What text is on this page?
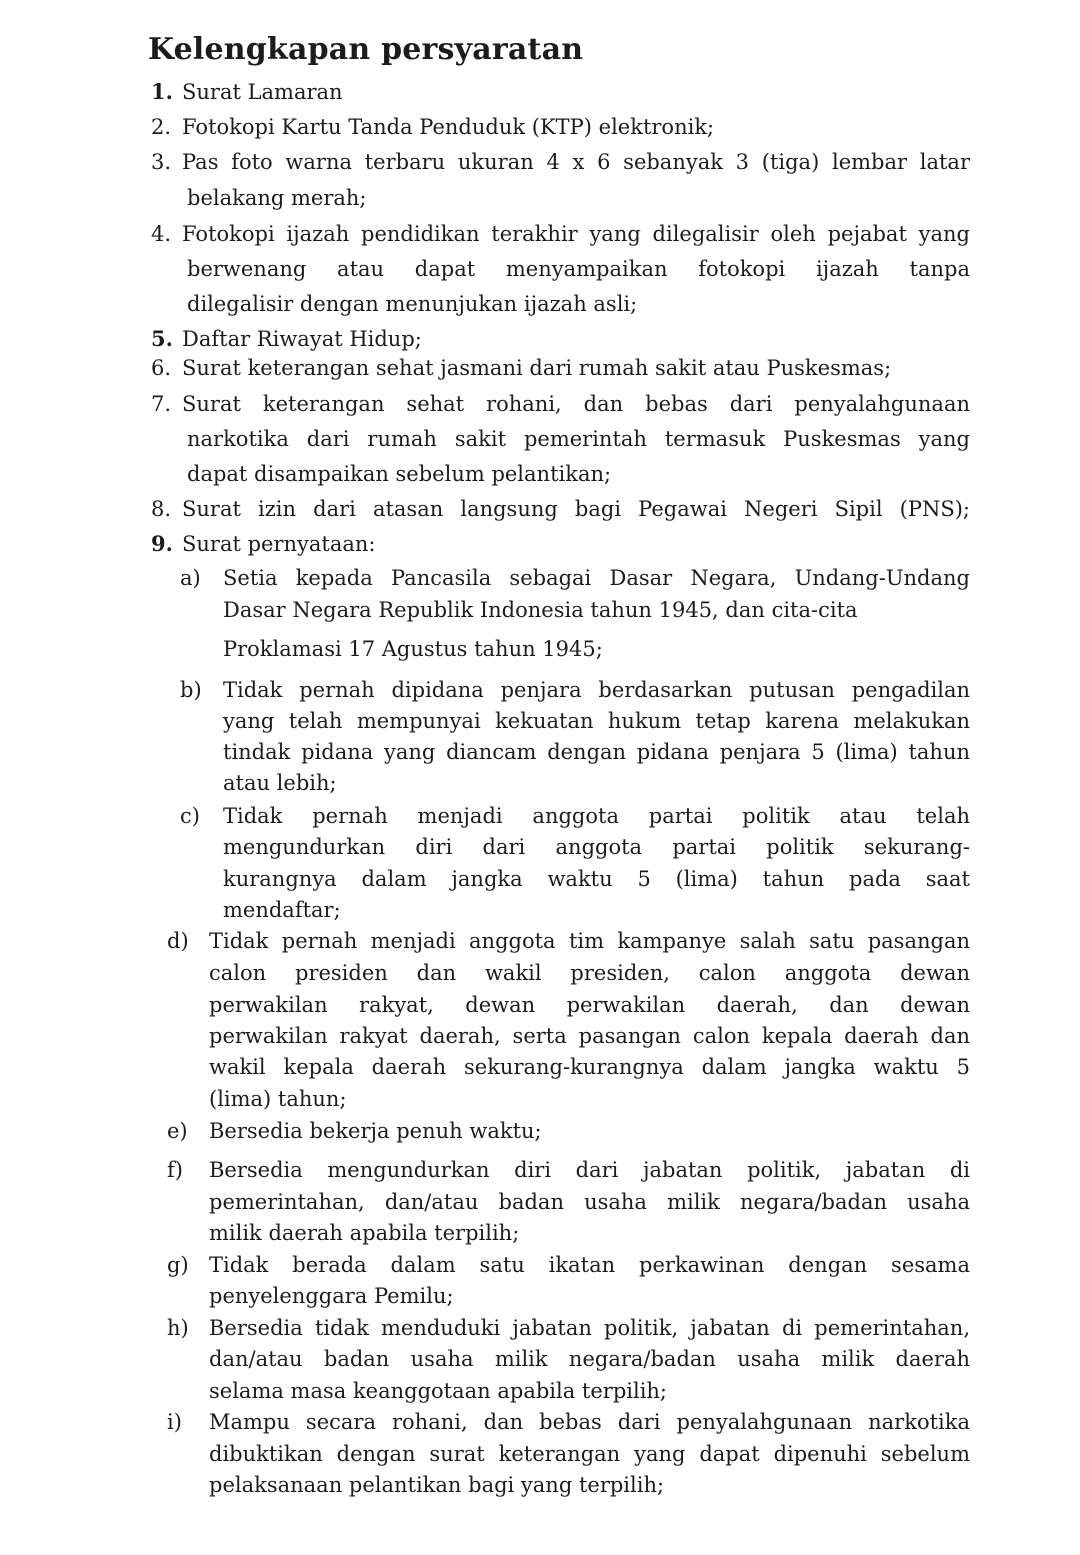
Kelengkapan persyaratan
1. Surat Lamaran
2. Fotokopi Kartu Tanda Penduduk (KTP) elektronik;
3. Pas foto warna terbaru ukuran 4 x 6 sebanyak 3 (tiga) lembar latar
belakang merah;
4. Fotokopi ijazah pendidikan terakhir yang dilegalisir oleh pejabat yang
berwenang atau dapat menyampaikan fotokopi ijazah tanpa
dilegalisir dengan menunjukan ijazah asli;
5. Daftar Riwayat Hidup;
6. Surat keterangan sehat jasmani dari rumah sakit atau Puskesmas;
7. Surat keterangan sehat rohani, dan bebas dari penyalahgunaan
narkotika dari rumah sakit pemerintah termasuk Puskesmas yang
dapat disampaikan sebelum pelantikan;
8. Surat izin dari atasan langsung bagi Pegawai Negeri Sipil (PNS);
9. Surat pernyataan:
a) Setia kepada Pancasila sebagai Dasar Negara, Undang-Undang
Dasar Negara Republik Indonesia tahun 1945, dan cita-cita
Proklamasi 17 Agustus tahun 1945;
b) Tidak pernah dipidana penjara berdasarkan putusan pengadilan
yang telah mempunyai kekuatan hukum tetap karena melakukan
tindak pidana yang diancam dengan pidana penjara 5 (lima) tahun
atau lebih;
c) Tidak pernah menjadi anggota partai politik atau telah
mengundurkan diri dari anggota partai politik sekurang-
kurangnya dalam jangka waktu 5 (lima) tahun pada saat
mendaftar;
d) Tidak pernah menjadi anggota tim kampanye salah satu pasangan
calon presiden dan wakil presiden, calon anggota dewan
perwakilan rakyat, dewan perwakilan daerah, dan dewan
perwakilan rakyat daerah, serta pasangan calon kepala daerah dan
wakil kepala daerah sekurang-kurangnya dalam jangka waktu 5
(lima) tahun;
e) Bersedia bekerja penuh waktu;
f) Bersedia mengundurkan diri dari jabatan politik, jabatan di
pemerintahan, dan/atau badan usaha milik negara/badan usaha
milik daerah apabila terpilih;
g) Tidak berada dalam satu ikatan perkawinan dengan sesama
penyelenggara Pemilu;
h) Bersedia tidak menduduki jabatan politik, jabatan di pemerintahan,
dan/atau badan usaha milik negara/badan usaha milik daerah
selama masa keanggotaan apabila terpilih;
i) Mampu secara rohani, dan bebas dari penyalahgunaan narkotika
dibuktikan dengan surat keterangan yang dapat dipenuhi sebelum
pelaksanaan pelantikan bagi yang terpilih;
